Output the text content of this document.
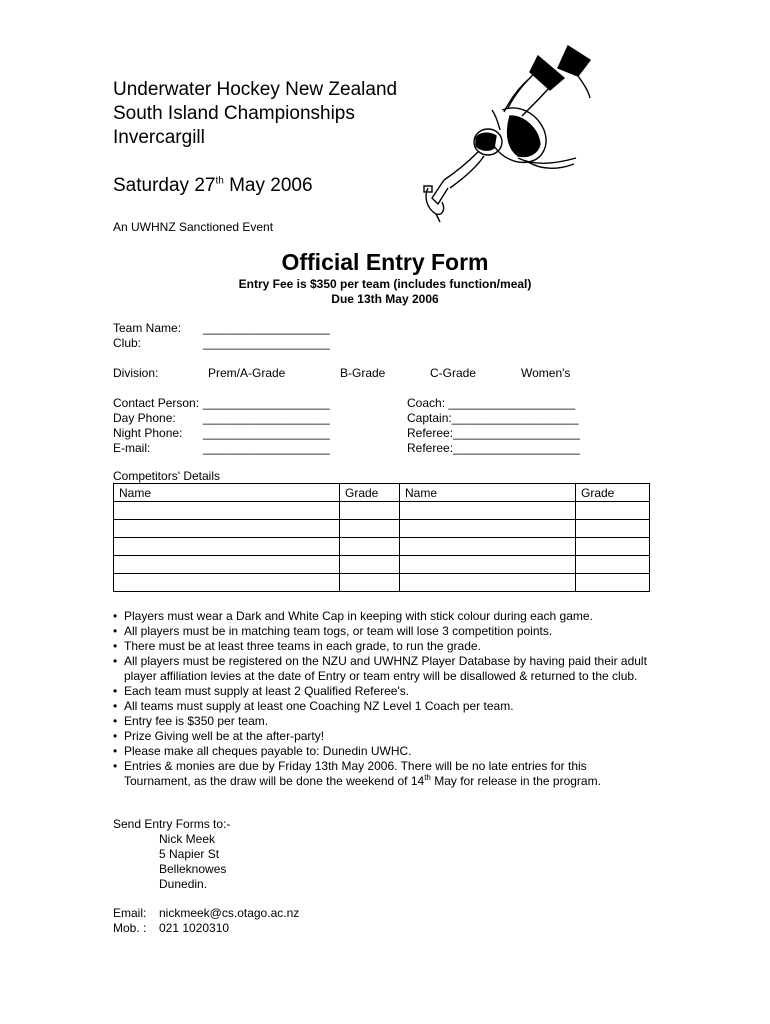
Underwater Hockey New Zealand
South Island Championships
Invercargill
Saturday 27th May 2006
An UWHNZ Sanctioned Event
Official Entry Form
Entry Fee is $350 per team (includes function/meal)
Due 13th May 2006
Team Name: ___________________
Club:	___________________
Division:	Prem/A-Grade	B-Grade	C-Grade	Women's
Contact Person: ___________________
Day Phone: ___________________
Night Phone: ___________________
E-mail:	___________________
Coach: ___________________
Captain:___________________
Referee:___________________
Referee:___________________
Competitors' Details
Name	Grade	Name	Grade

• Players must wear a Dark and White Cap in keeping with stick colour during each game.
• All players must be in matching team togs, or team will lose 3 competition points.
• There must be at least three teams in each grade, to run the grade.
• All players must be registered on the NZU and UWHNZ Player Database by having paid their adult player affiliation levies at the date of Entry or team entry will be disallowed & returned to the club.
• Each team must supply at least 2 Qualified Referee's.
• All teams must supply at least one Coaching NZ Level 1 Coach per team.
• Entry fee is $350 per team.
• Prize Giving well be at the after-party!
• Please make all cheques payable to: Dunedin UWHC.
• Entries & monies are due by Friday 13th May 2006. There will be no late entries for this Tournament, as the draw will be done the weekend of 14th May for release in the program.
Send Entry Forms to:-
Nick Meek
5 Napier St
Belleknowes
Dunedin.
Email: nickmeek@cs.otago.ac.nz
Mob. : 021 1020310
